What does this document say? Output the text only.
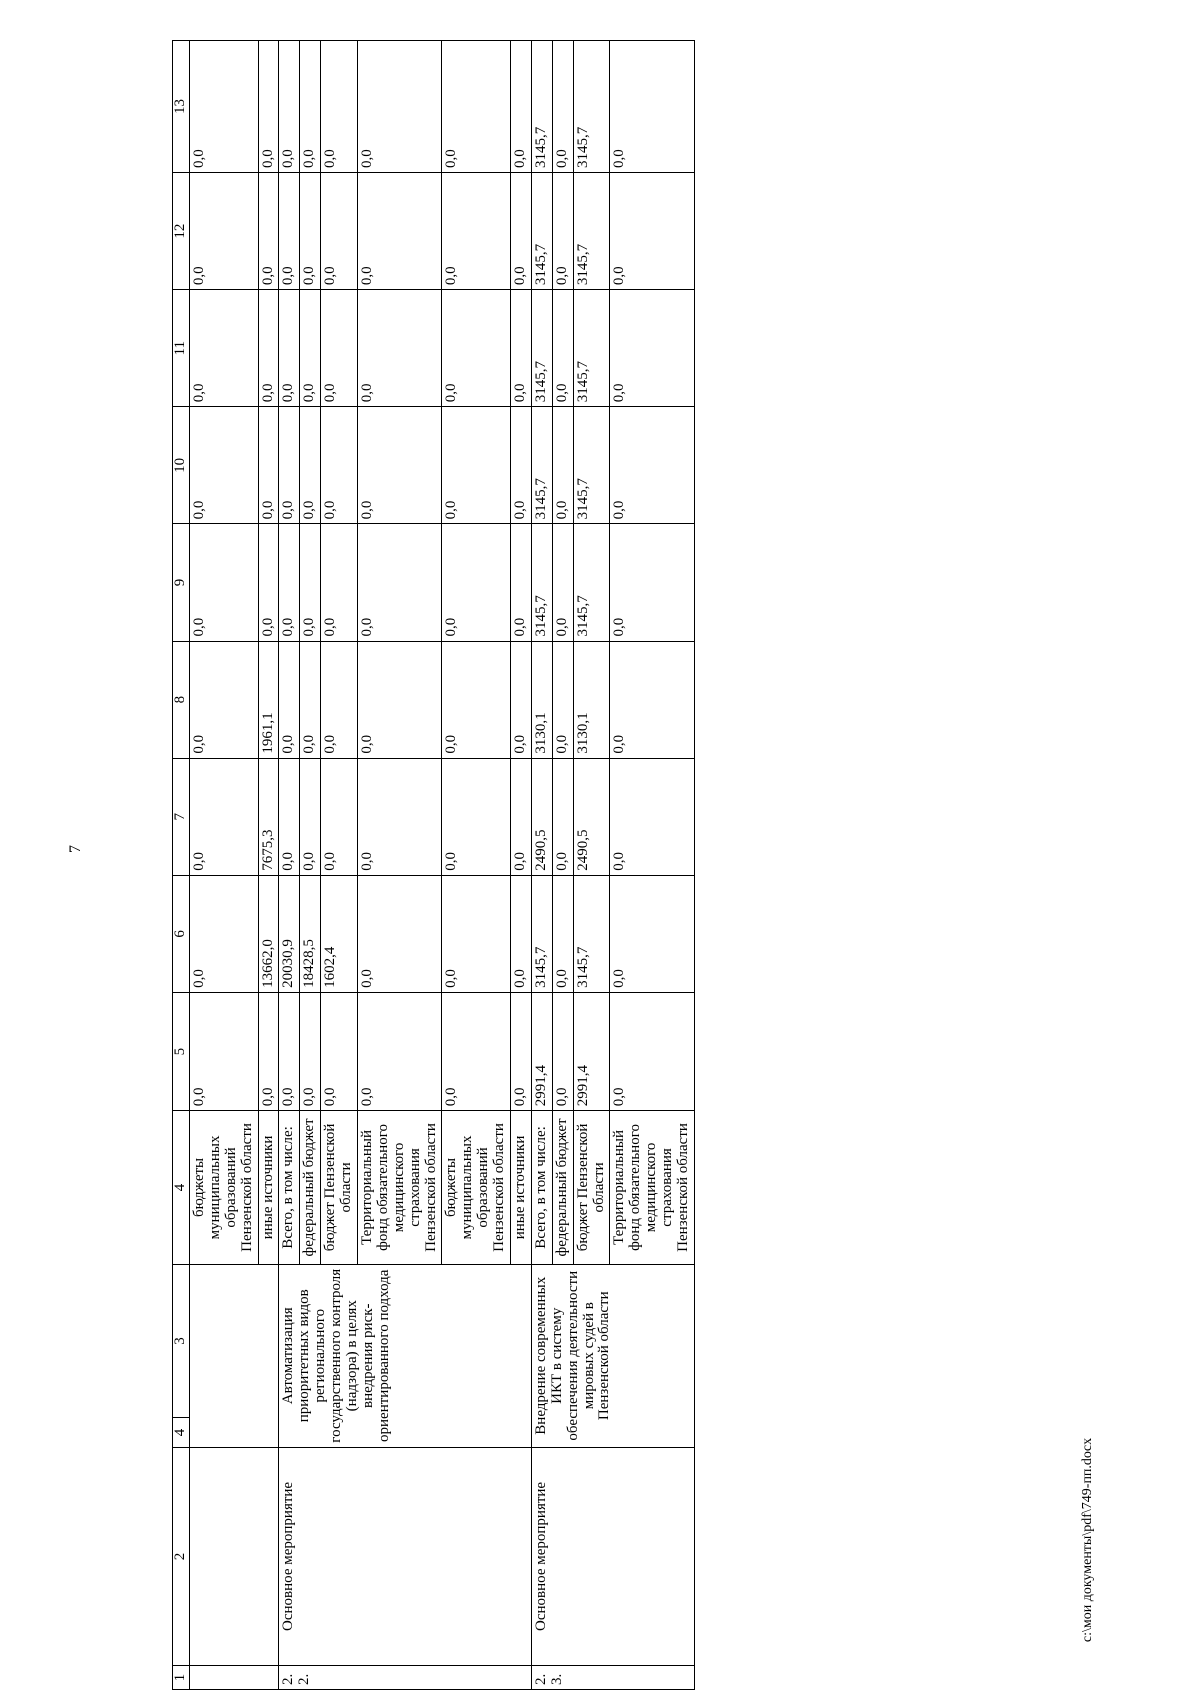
7
1	2	4	3	4	5	6	7	8	9	10	11	12	13
				бюджеты муниципальных образований Пензенской области	0,0	0,0	0,0	0,0	0,0	0,0	0,0	0,0	0,0
				иные источники	0,0	13662,0	7675,3	1961,1	0,0	0,0	0,0	0,0	0,0
2.2.	Основное мероприятие	Автоматизация приоритетных видов регионального государственного контроля (надзора) в целях внедрения риск-ориентированного подхода		Всего, в том числе:	0,0	20030,9	0,0	0,0	0,0	0,0	0,0	0,0	0,0
				федеральный бюджет	0,0	18428,5	0,0	0,0	0,0	0,0	0,0	0,0	0,0
				бюджет Пензенской области	0,0	1602,4	0,0	0,0	0,0	0,0	0,0	0,0	0,0
				Территориальный фонд обязательного медицинского страхования Пензенской области	0,0	0,0	0,0	0,0	0,0	0,0	0,0	0,0	0,0
				бюджеты муниципальных образований Пензенской области	0,0	0,0	0,0	0,0	0,0	0,0	0,0	0,0	0,0
				иные источники	0,0	0,0	0,0	0,0	0,0	0,0	0,0	0,0	0,0
2.3.	Основное мероприятие	Внедрение современных ИКТ в систему обеспечения деятельности мировых судей в Пензенской области		Всего, в том числе:	2991,4	3145,7	2490,5	3130,1	3145,7	3145,7	3145,7	3145,7	3145,7
				федеральный бюджет	0,0	0,0	0,0	0,0	0,0	0,0	0,0	0,0	0,0
				бюджет Пензенской области	2991,4	3145,7	2490,5	3130,1	3145,7	3145,7	3145,7	3145,7	3145,7
				Территориальный фонд обязательного медицинского страхования Пензенской области	0,0	0,0	0,0	0,0	0,0	0,0	0,0	0,0	0,0
c:\мои документы\pdf\749-пп.docx
